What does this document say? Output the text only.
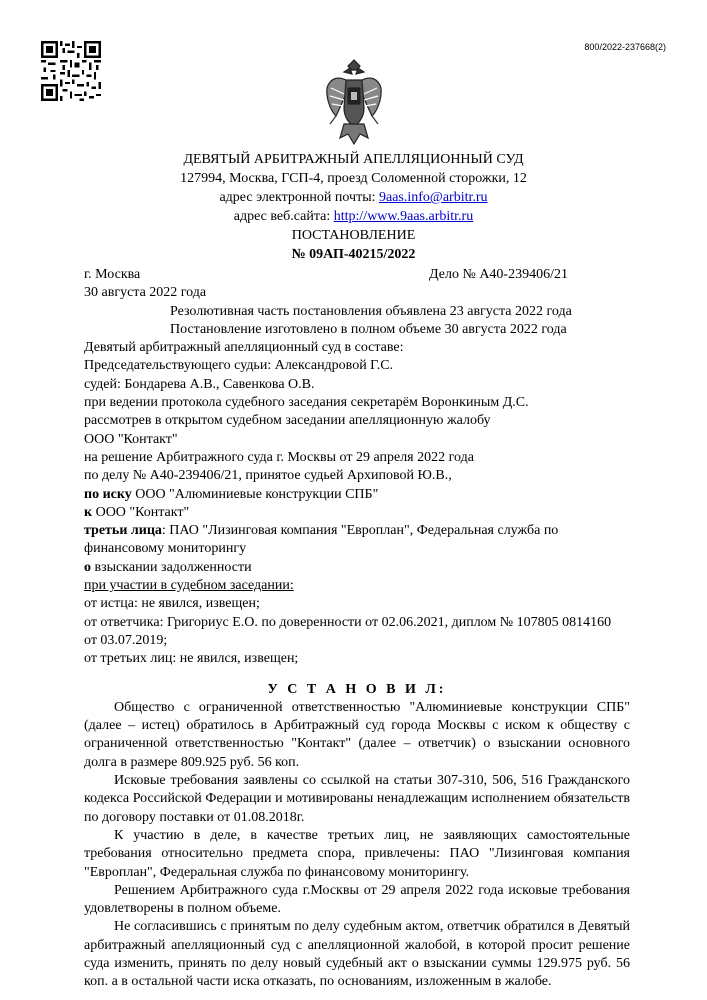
800/2022-237668(2)
ДЕВЯТЫЙ АРБИТРАЖНЫЙ АПЕЛЛЯЦИОННЫЙ СУД
127994, Москва, ГСП-4, проезд Соломенной сторожки, 12
адрес электронной почты: 9aas.info@arbitr.ru
адрес веб.сайта: http://www.9aas.arbitr.ru
ПОСТАНОВЛЕНИЕ
№ 09АП-40215/2022
г. Москва	Дело № А40-239406/21
30 августа 2022 года
Резолютивная часть постановления объявлена 23 августа 2022 года
Постановление изготовлено в полном объеме 30 августа 2022 года
Девятый арбитражный апелляционный суд в составе:
Председательствующего судьи: Александровой Г.С.
судей: Бондарева А.В., Савенкова О.В.
при ведении протокола судебного заседания секретарём Воронкиным Д.С.
рассмотрев в открытом судебном заседании апелляционную жалобу
ООО "Контакт"
на решение Арбитражного суда г. Москвы от 29 апреля 2022 года
по делу № А40-239406/21, принятое судьей Архиповой Ю.В.,
по иску ООО "Алюминиевые конструкции СПБ"
к ООО "Контакт"
третьи лица: ПАО "Лизинговая компания "Европлан", Федеральная служба по
финансовому мониторингу
о взыскании задолженности
при участии в судебном заседании:
от истца: не явился, извещен;
от ответчика: Григориус Е.О. по доверенности от 02.06.2021, диплом № 107805 0814160
от 03.07.2019;
от третьих лиц: не явился, извещен;
У С Т А Н О В И Л:

Общество с ограниченной ответственностью "Алюминиевые конструкции СПБ" (далее – истец) обратилось в Арбитражный суд города Москвы с иском к обществу с ограниченной ответственностью "Контакт" (далее – ответчик) о взыскании основного долга в размере 809.925 руб. 56 коп.

Исковые требования заявлены со ссылкой на статьи 307-310, 506, 516 Гражданского кодекса Российской Федерации и мотивированы ненадлежащим исполнением обязательств по договору поставки от 01.08.2018г.

К участию в деле, в качестве третьих лиц, не заявляющих самостоятельные требования относительно предмета спора, привлечены: ПАО "Лизинговая компания "Европлан", Федеральная служба по финансовому мониторингу.

Решением Арбитражного суда г.Москвы от 29 апреля 2022 года исковые требования удовлетворены в полном объеме.

Не согласившись с принятым по делу судебным актом, ответчик обратился в Девятый арбитражный апелляционный суд с апелляционной жалобой, в которой просит решение суда изменить, принять по делу новый судебный акт о взыскании суммы 129.975 руб. 56 коп. а в остальной части иска отказать, по основаниям, изложенным в жалобе.
